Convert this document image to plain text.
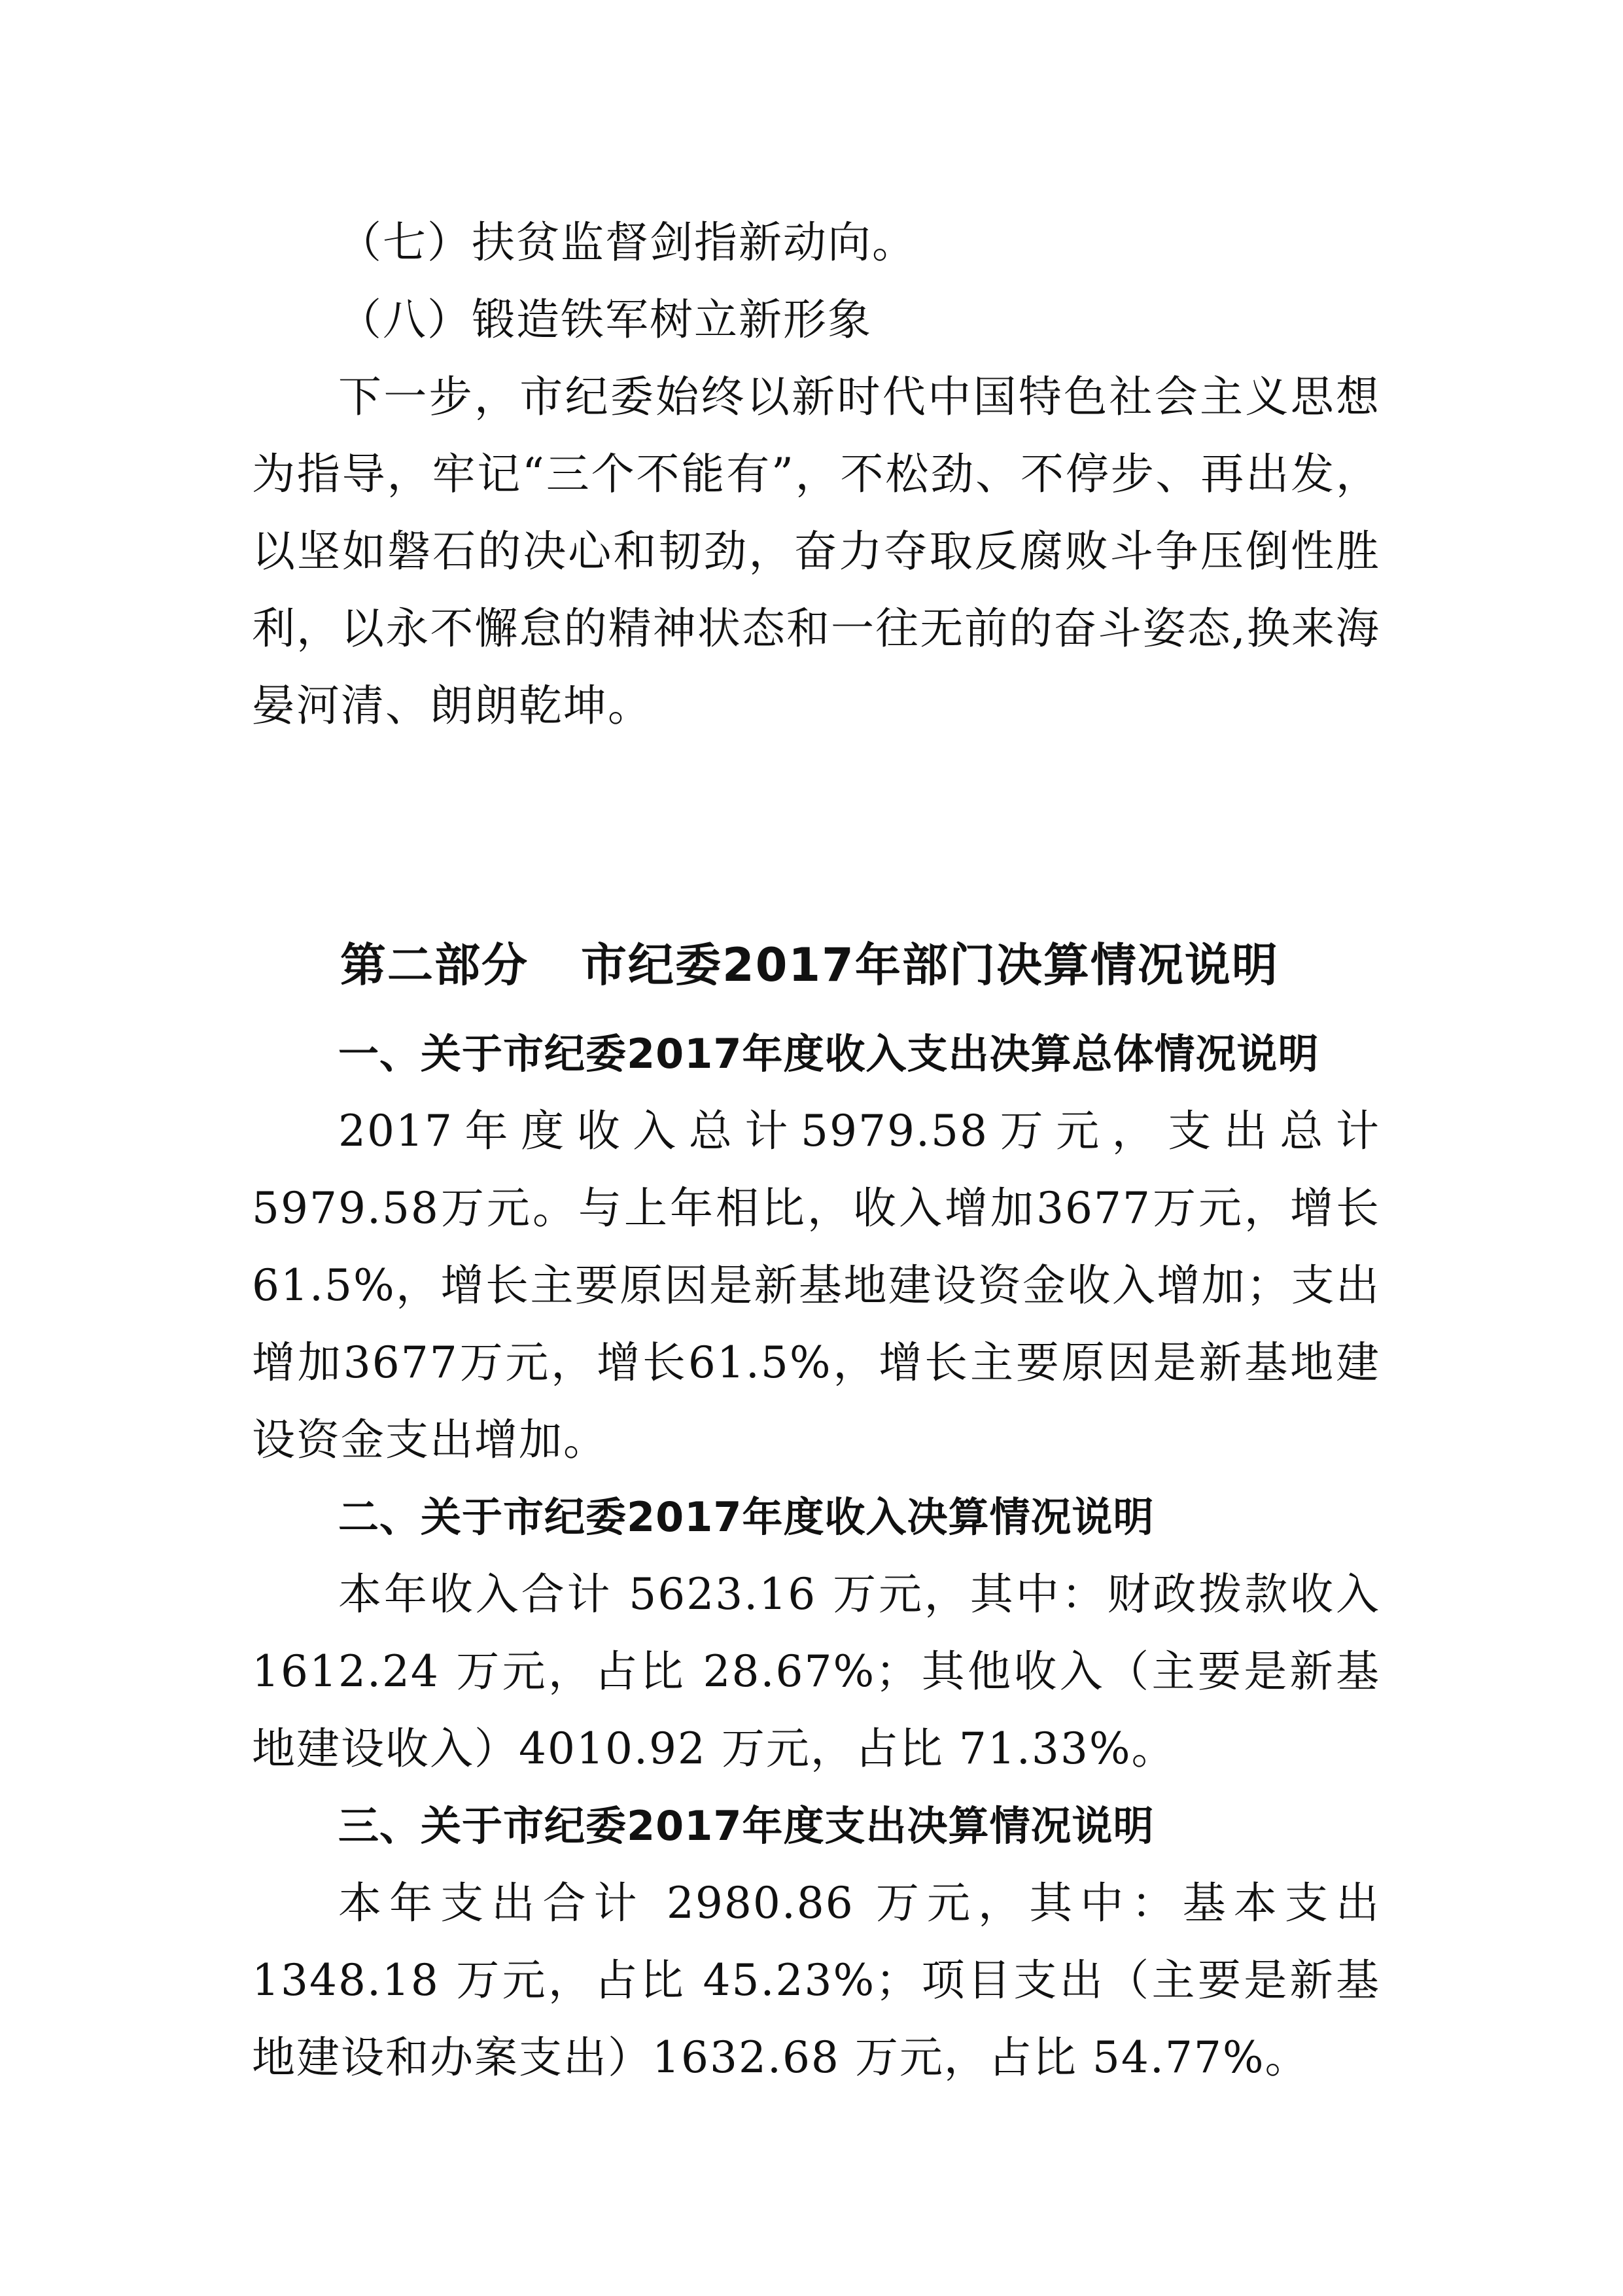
（七）扶贫监督剑指新动向。

（八）锻造铁军树立新形象

下一步，市纪委始终以新时代中国特色社会主义思想为指导，牢记“三个不能有”，不松劲、不停步、再出发，以坚如磐石的决心和韧劲，奋力夺取反腐败斗争压倒性胜利，以永不懈怠的精神状态和一往无前的奋斗姿态,换来海晏河清、朗朗乾坤。

第二部分 市纪委2017年部门决算情况说明
一、关于市纪委2017年度收入支出决算总体情况说明

2017年度收入总计5979.58万元，支出总计5979.58万元。与上年相比，收入增加3677万元，增长61.5%，增长主要原因是新基地建设资金收入增加；支出增加3677万元，增长61.5%，增长主要原因是新基地建设资金支出增加。

二、关于市纪委2017年度收入决算情况说明

本年收入合计 5623.16 万元，其中：财政拨款收入 1612.24 万元，占比 28.67%；其他收入（主要是新基地建设收入）4010.92 万元，占比 71.33%。

三、关于市纪委2017年度支出决算情况说明

本年支出合计 2980.86 万元，其中：基本支出 1348.18 万元，占比 45.23%；项目支出（主要是新基地建设和办案支出）1632.68 万元，占比 54.77%。
